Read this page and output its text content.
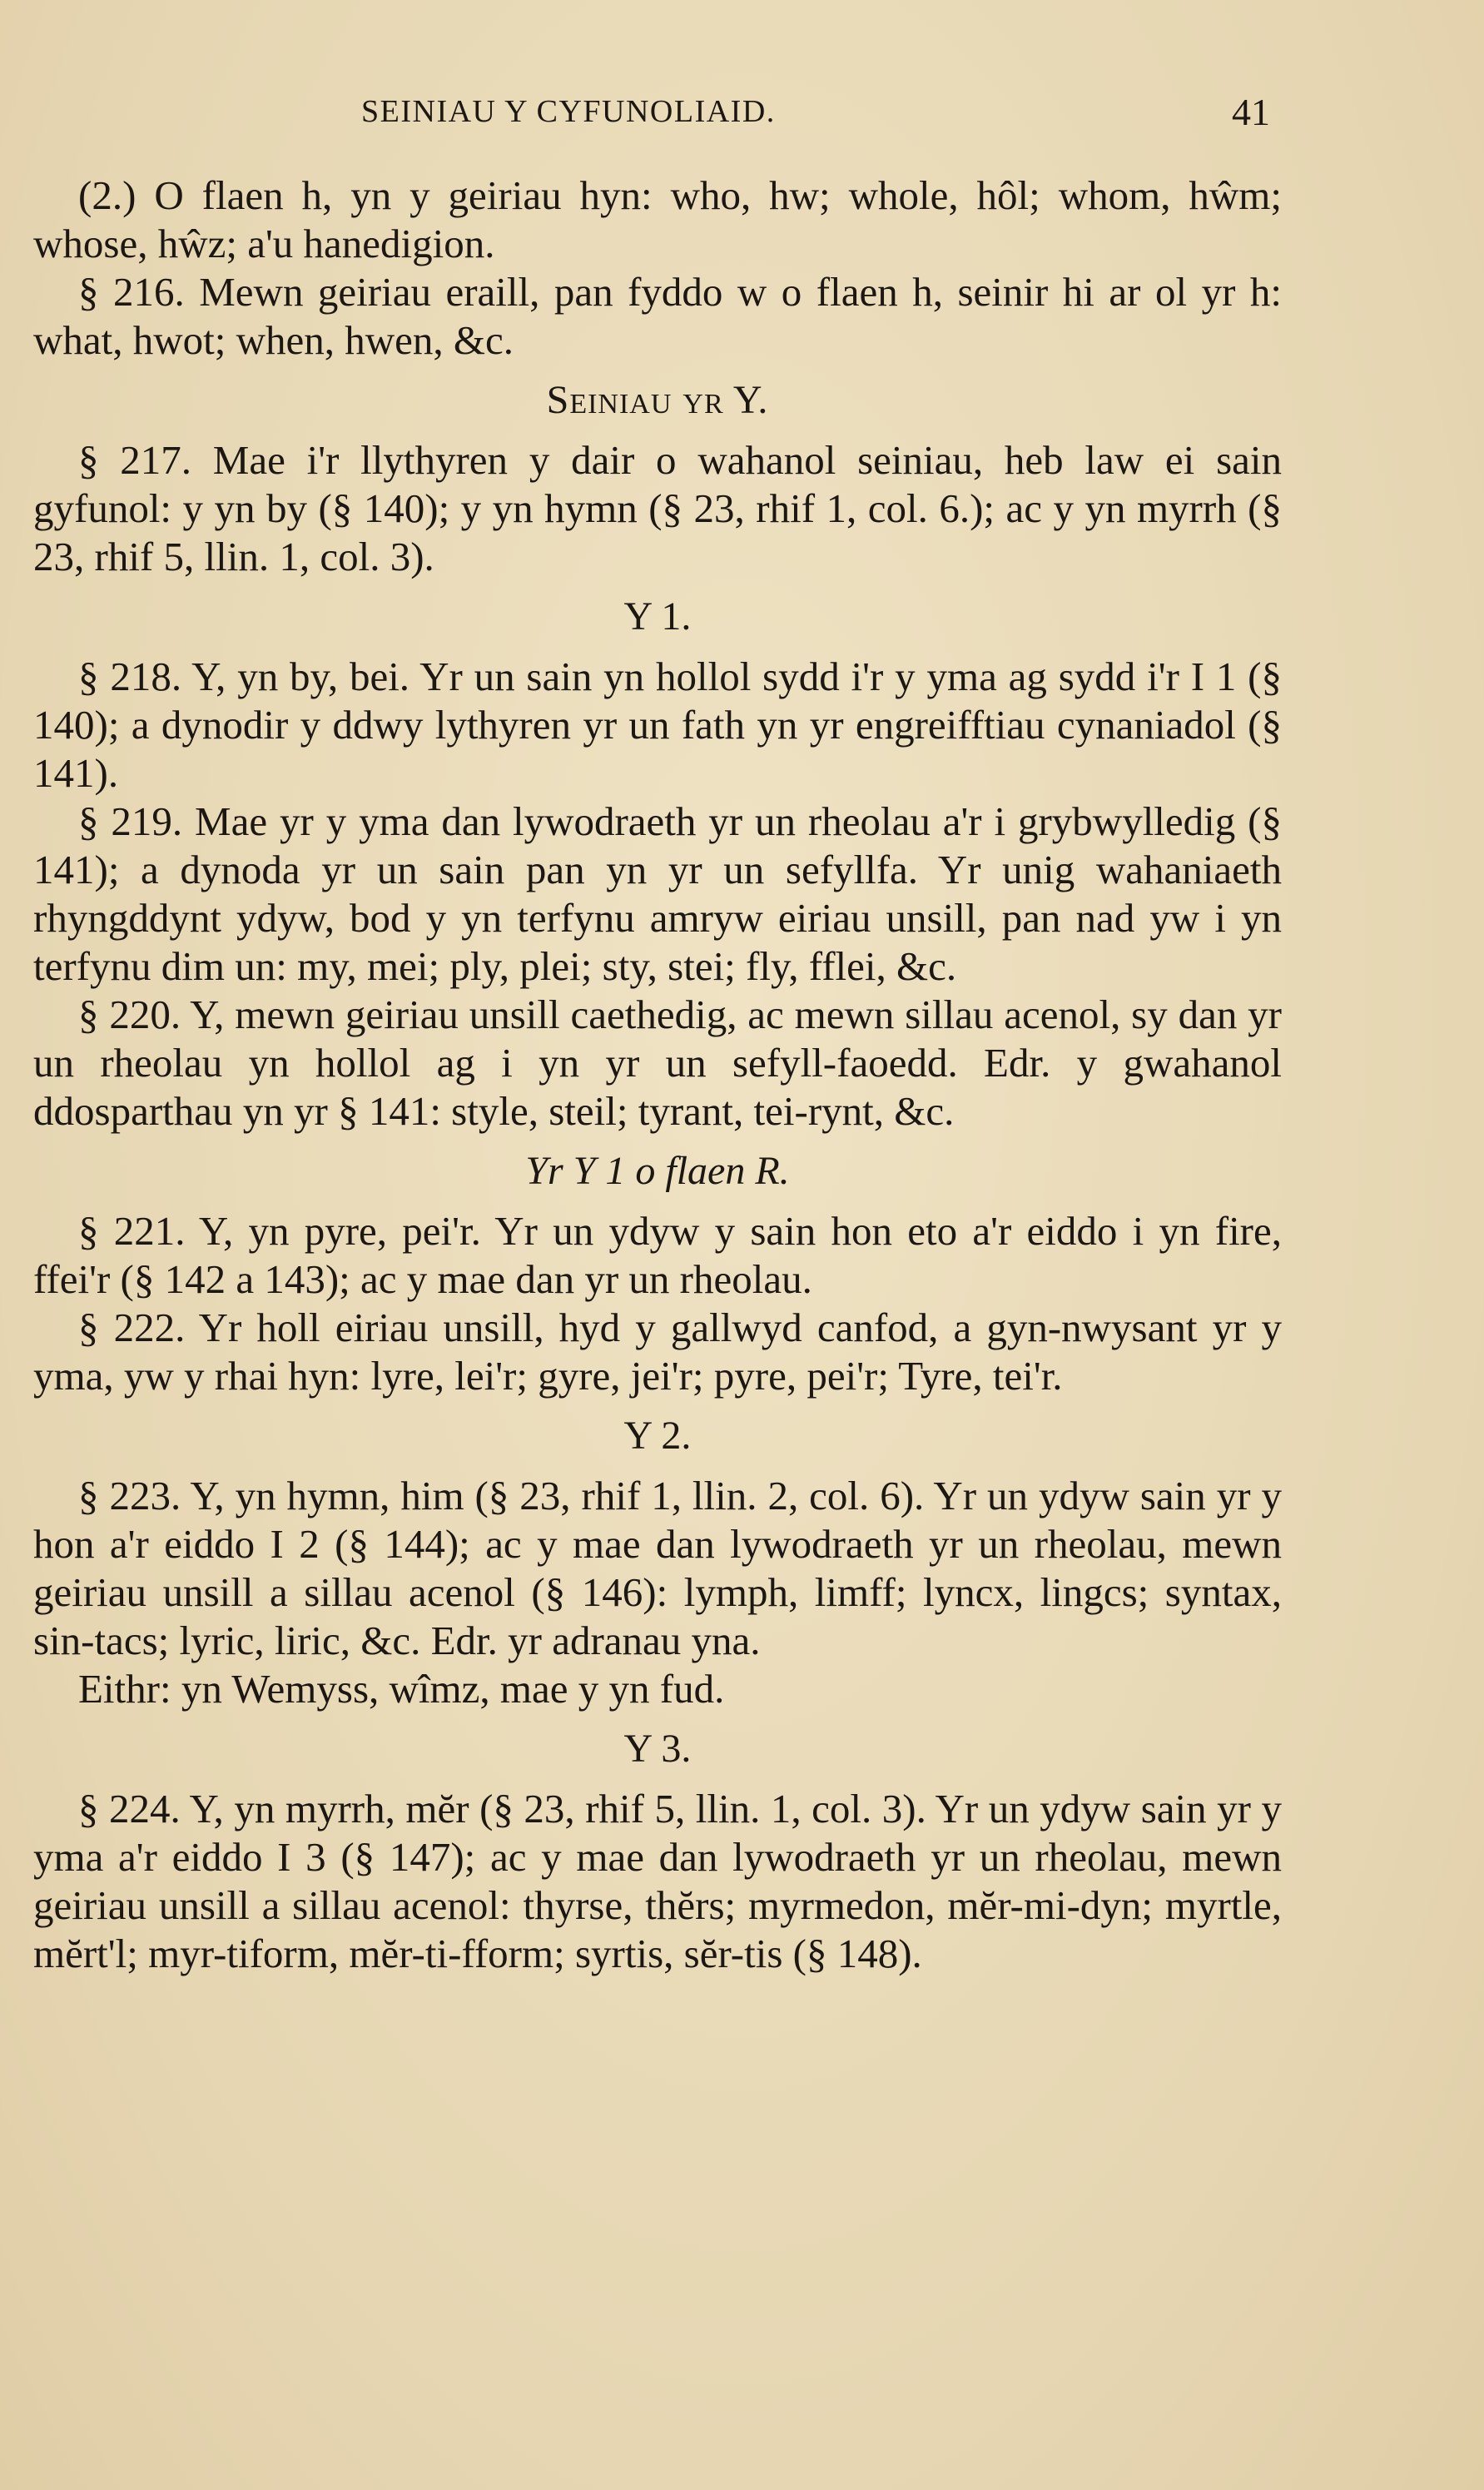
SEINIAU Y CYFUNOLIAID.	41

(2.) O flaen h, yn y geiriau hyn: who, hw; whole, hôl; whom, hŵm; whose, hŵz; a'u hanedigion.

§ 216. Mewn geiriau eraill, pan fyddo w o flaen h, seinir hi ar ol yr h: what, hwot; when, hwen, &c.

Seiniau yr Y.

§ 217. Mae i'r llythyren y dair o wahanol seiniau, heb law ei sain gyfunol: y yn by (§ 140); y yn hymn (§ 23, rhif 1, col. 6.); ac y yn myrrh (§ 23, rhif 5, llin. 1, col. 3).

Y 1.

§ 218. Y, yn by, bei. Yr un sain yn hollol sydd i'r y yma ag sydd i'r I 1 (§ 140); a dynodir y ddwy lythyren yr un fath yn yr engreifftiau cynaniadol (§ 141).

§ 219. Mae yr y yma dan lywodraeth yr un rheolau a'r i grybwylledig (§ 141); a dynoda yr un sain pan yn yr un sefyllfa. Yr unig wahaniaeth rhyngddynt ydyw, bod y yn terfynu amryw eiriau unsill, pan nad yw i yn terfynu dim un: my, mei; ply, plei; sty, stei; fly, fflei, &c.

§ 220. Y, mewn geiriau unsill caethedig, ac mewn sillau acenol, sy dan yr un rheolau yn hollol ag i yn yr un sefyll-faoedd. Edr. y gwahanol ddosparthau yn yr § 141: style, steil; tyrant, tei-rynt, &c.

Yr Y 1 o flaen R.

§ 221. Y, yn pyre, pei'r. Yr un ydyw y sain hon eto a'r eiddo i yn fire, ffei'r (§ 142 a 143); ac y mae dan yr un rheolau.

§ 222. Yr holl eiriau unsill, hyd y gallwyd canfod, a gyn-nwysant yr y yma, yw y rhai hyn: lyre, lei'r; gyre, jei'r; pyre, pei'r; Tyre, tei'r.

Y 2.

§ 223. Y, yn hymn, him (§ 23, rhif 1, llin. 2, col. 6). Yr un ydyw sain yr y hon a'r eiddo I 2 (§ 144); ac y mae dan lywodraeth yr un rheolau, mewn geiriau unsill a sillau acenol (§ 146): lymph, limff; lyncx, lingcs; syntax, sin-tacs; lyric, liric, &c. Edr. yr adranau yna.

Eithr: yn Wemyss, wîmz, mae y yn fud.

Y 3.

§ 224. Y, yn myrrh, mĕr (§ 23, rhif 5, llin. 1, col. 3). Yr un ydyw sain yr y yma a'r eiddo I 3 (§ 147); ac y mae dan lywodraeth yr un rheolau, mewn geiriau unsill a sillau acenol: thyrse, thĕrs; myrmedon, mĕr-mi-dyn; myrtle, mĕrt'l; myr-tiform, mĕr-ti-fform; syrtis, sĕr-tis (§ 148).
